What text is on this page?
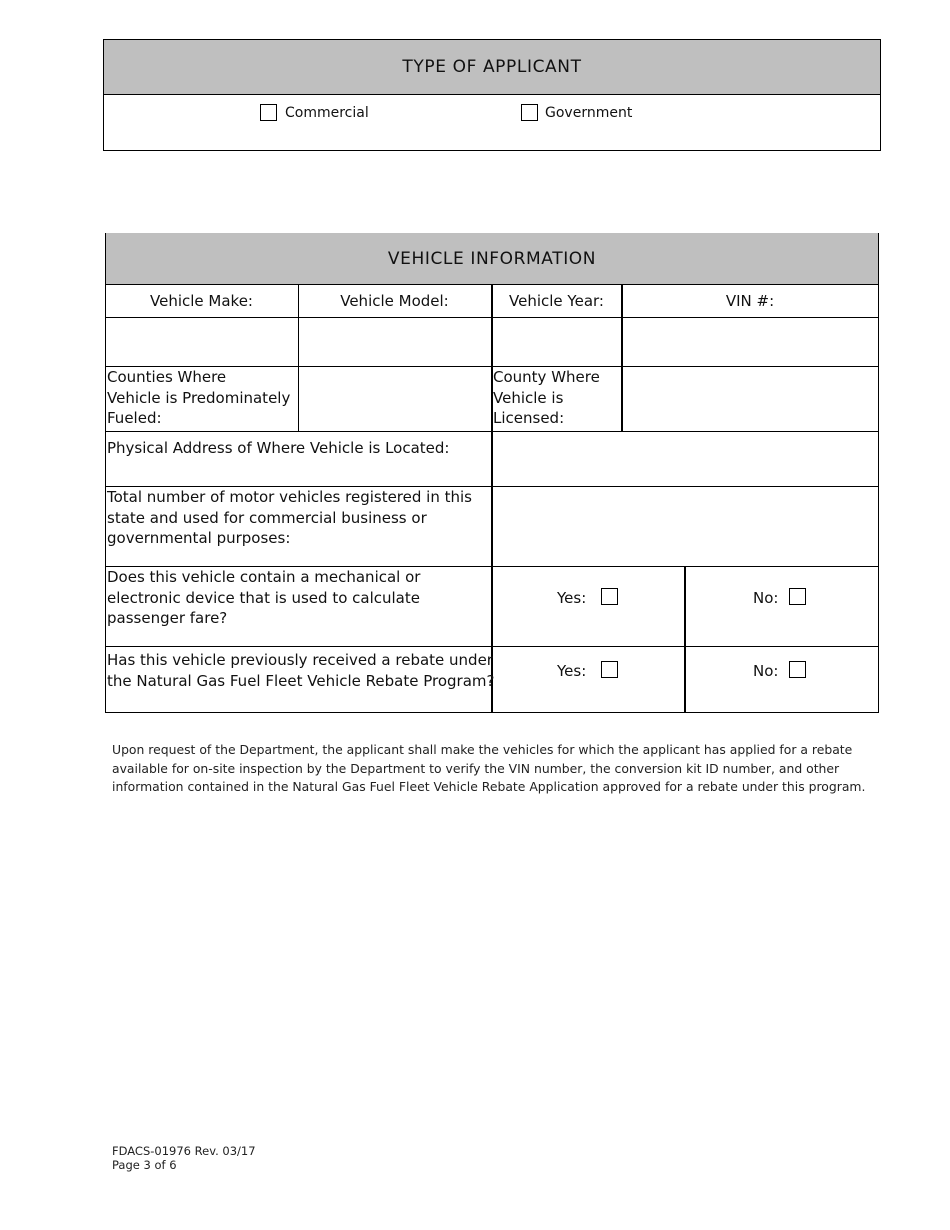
TYPE OF APPLICANT
Commercial	Government
VEHICLE INFORMATION
Vehicle Make:	Vehicle Model:	Vehicle Year:	VIN #:
Counties Where
Vehicle is Predominately
Fueled:
County Where
Vehicle is
Licensed:
Physical Address of Where Vehicle is Located:
Total number of motor vehicles registered in this
state and used for commercial business or
governmental purposes:
Does this vehicle contain a mechanical or
electronic device that is used to calculate
passenger fare?
Yes:	No:
Has this vehicle previously received a rebate under
the Natural Gas Fuel Fleet Vehicle Rebate Program?
Yes:	No:
Upon request of the Department, the applicant shall make the vehicles for which the applicant has applied for a rebate
available for on-site inspection by the Department to verify the VIN number, the conversion kit ID number, and other
information contained in the Natural Gas Fuel Fleet Vehicle Rebate Application approved for a rebate under this program.
FDACS-01976 Rev. 03/17
Page 3 of 6
